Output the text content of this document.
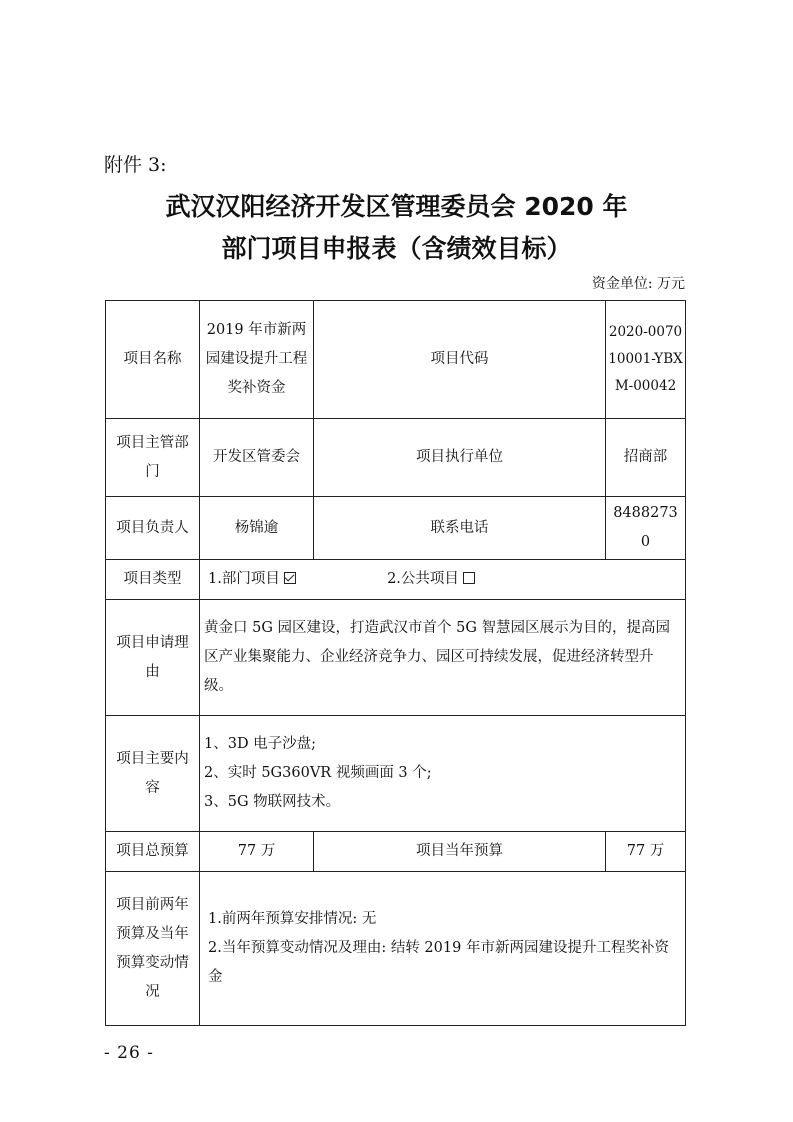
附件 3:
武汉汉阳经济开发区管理委员会 2020 年
部门项目申报表（含绩效目标）
资金单位: 万元
项目名称	2019 年市新两园建设提升工程奖补资金	项目代码	2020-007010001-YBXM-00042
项目主管部门	开发区管委会	项目执行单位	招商部
项目负责人	杨锦逾	联系电话	84882730
项目类型	1.部门项目 2.公共项目		
项目申请理由	黄金口 5G 园区建设，打造武汉市首个 5G 智慧园区展示为目的，提高园区产业集聚能力、企业经济竞争力、园区可持续发展，促进经济转型升级。		
项目主要内容	1、3D 电子沙盘;
2、实时 5G360VR 视频画面 3 个;
3、5G 物联网技术。		

项目总预算	77 万	项目当年预算	77 万
项目前两年预算及当年预算变动情况	1.前两年预算安排情况: 无
2.当年预算变动情况及理由: 结转 2019 年市新两园建设提升工程奖补资金		
- 26 -
